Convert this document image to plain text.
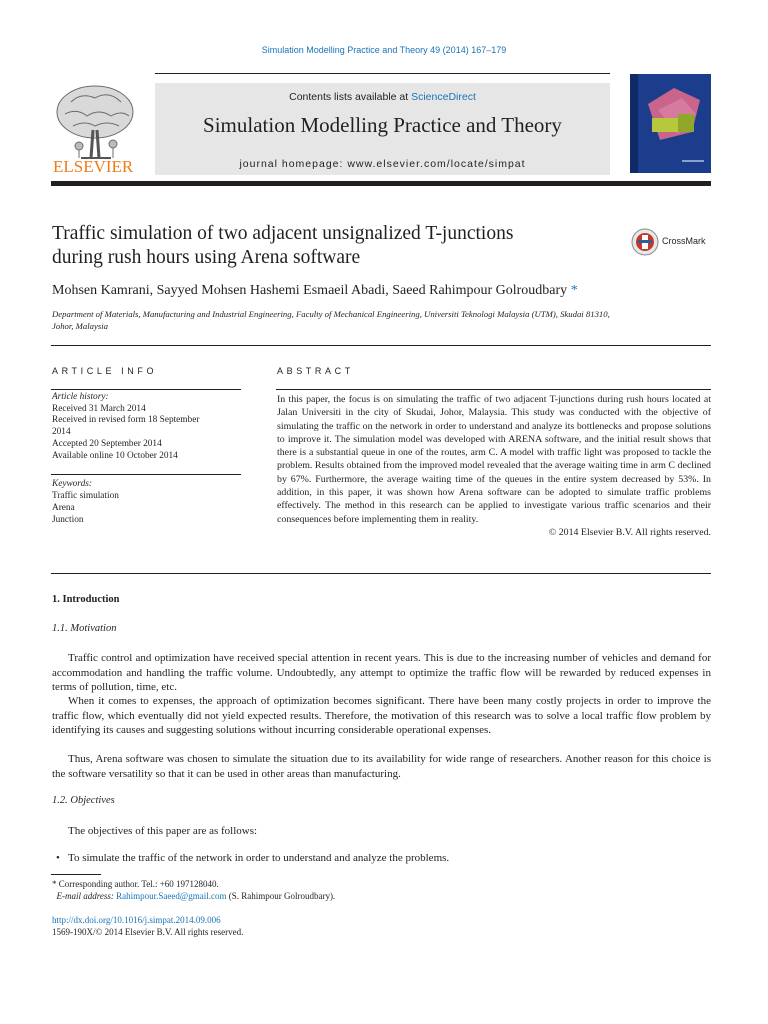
Simulation Modelling Practice and Theory 49 (2014) 167–179
ELSEVIER
Contents lists available at ScienceDirect
Simulation Modelling Practice and Theory
journal homepage: www.elsevier.com/locate/simpat
Traffic simulation of two adjacent unsignalized T-junctions
during rush hours using Arena software
CrossMark
Mohsen Kamrani, Sayyed Mohsen Hashemi Esmaeil Abadi, Saeed Rahimpour Golroudbary *
Department of Materials, Manufacturing and Industrial Engineering, Faculty of Mechanical Engineering, Universiti Teknologi Malaysia (UTM), Skudai 81310,
Johor, Malaysia
ARTICLE INFO
Article history:
Received 31 March 2014
Received in revised form 18 September
2014
Accepted 20 September 2014
Available online 10 October 2014
Keywords:
Traffic simulation
Arena
Junction
ABSTRACT
In this paper, the focus is on simulating the traffic of two adjacent T-junctions during rush hours located at Jalan Universiti in the city of Skudai, Johor, Malaysia. This study was conducted with the objective of simulating the traffic on the network in order to understand and analyze its bottlenecks and propose solutions to improve it. The simulation model was developed with ARENA software, and the initial result shows that there is a substantial queue in one of the routes, arm C. A model with traffic light was proposed to tackle the problem. Results obtained from the improved model revealed that the average waiting time in arm C declined by 67%. Furthermore, the average waiting time of the queues in the entire system decreased by 53%. In addition, in this paper, it was shown how Arena software can be adopted to simulate traffic problems effectively. The method in this research can be applied to investigate various traffic scenarios and their consequences before implementing them in reality.
© 2014 Elsevier B.V. All rights reserved.
1. Introduction
1.1. Motivation
Traffic control and optimization have received special attention in recent years. This is due to the increasing number of vehicles and demand for accommodation and handling the traffic volume. Undoubtedly, any attempt to optimize the traffic flow will be rewarded by reduced expenses in terms of pollution, time, etc.
When it comes to expenses, the approach of optimization becomes significant. There have been many costly projects in order to improve the traffic flow, which eventually did not yield expected results. Therefore, the motivation of this research was to solve a local traffic flow problem by identifying its causes and suggesting solutions without incurring considerable operational expenses.
Thus, Arena software was chosen to simulate the situation due to its availability for wide range of researchers. Another reason for this choice is the software versatility so that it can be used in other areas than manufacturing.
1.2. Objectives
The objectives of this paper are as follows:
• To simulate the traffic of the network in order to understand and analyze the problems.
* Corresponding author. Tel.: +60 197128040.
E-mail address: Rahimpour.Saeed@gmail.com (S. Rahimpour Golroudbary).
http://dx.doi.org/10.1016/j.simpat.2014.09.006
1569-190X/© 2014 Elsevier B.V. All rights reserved.
